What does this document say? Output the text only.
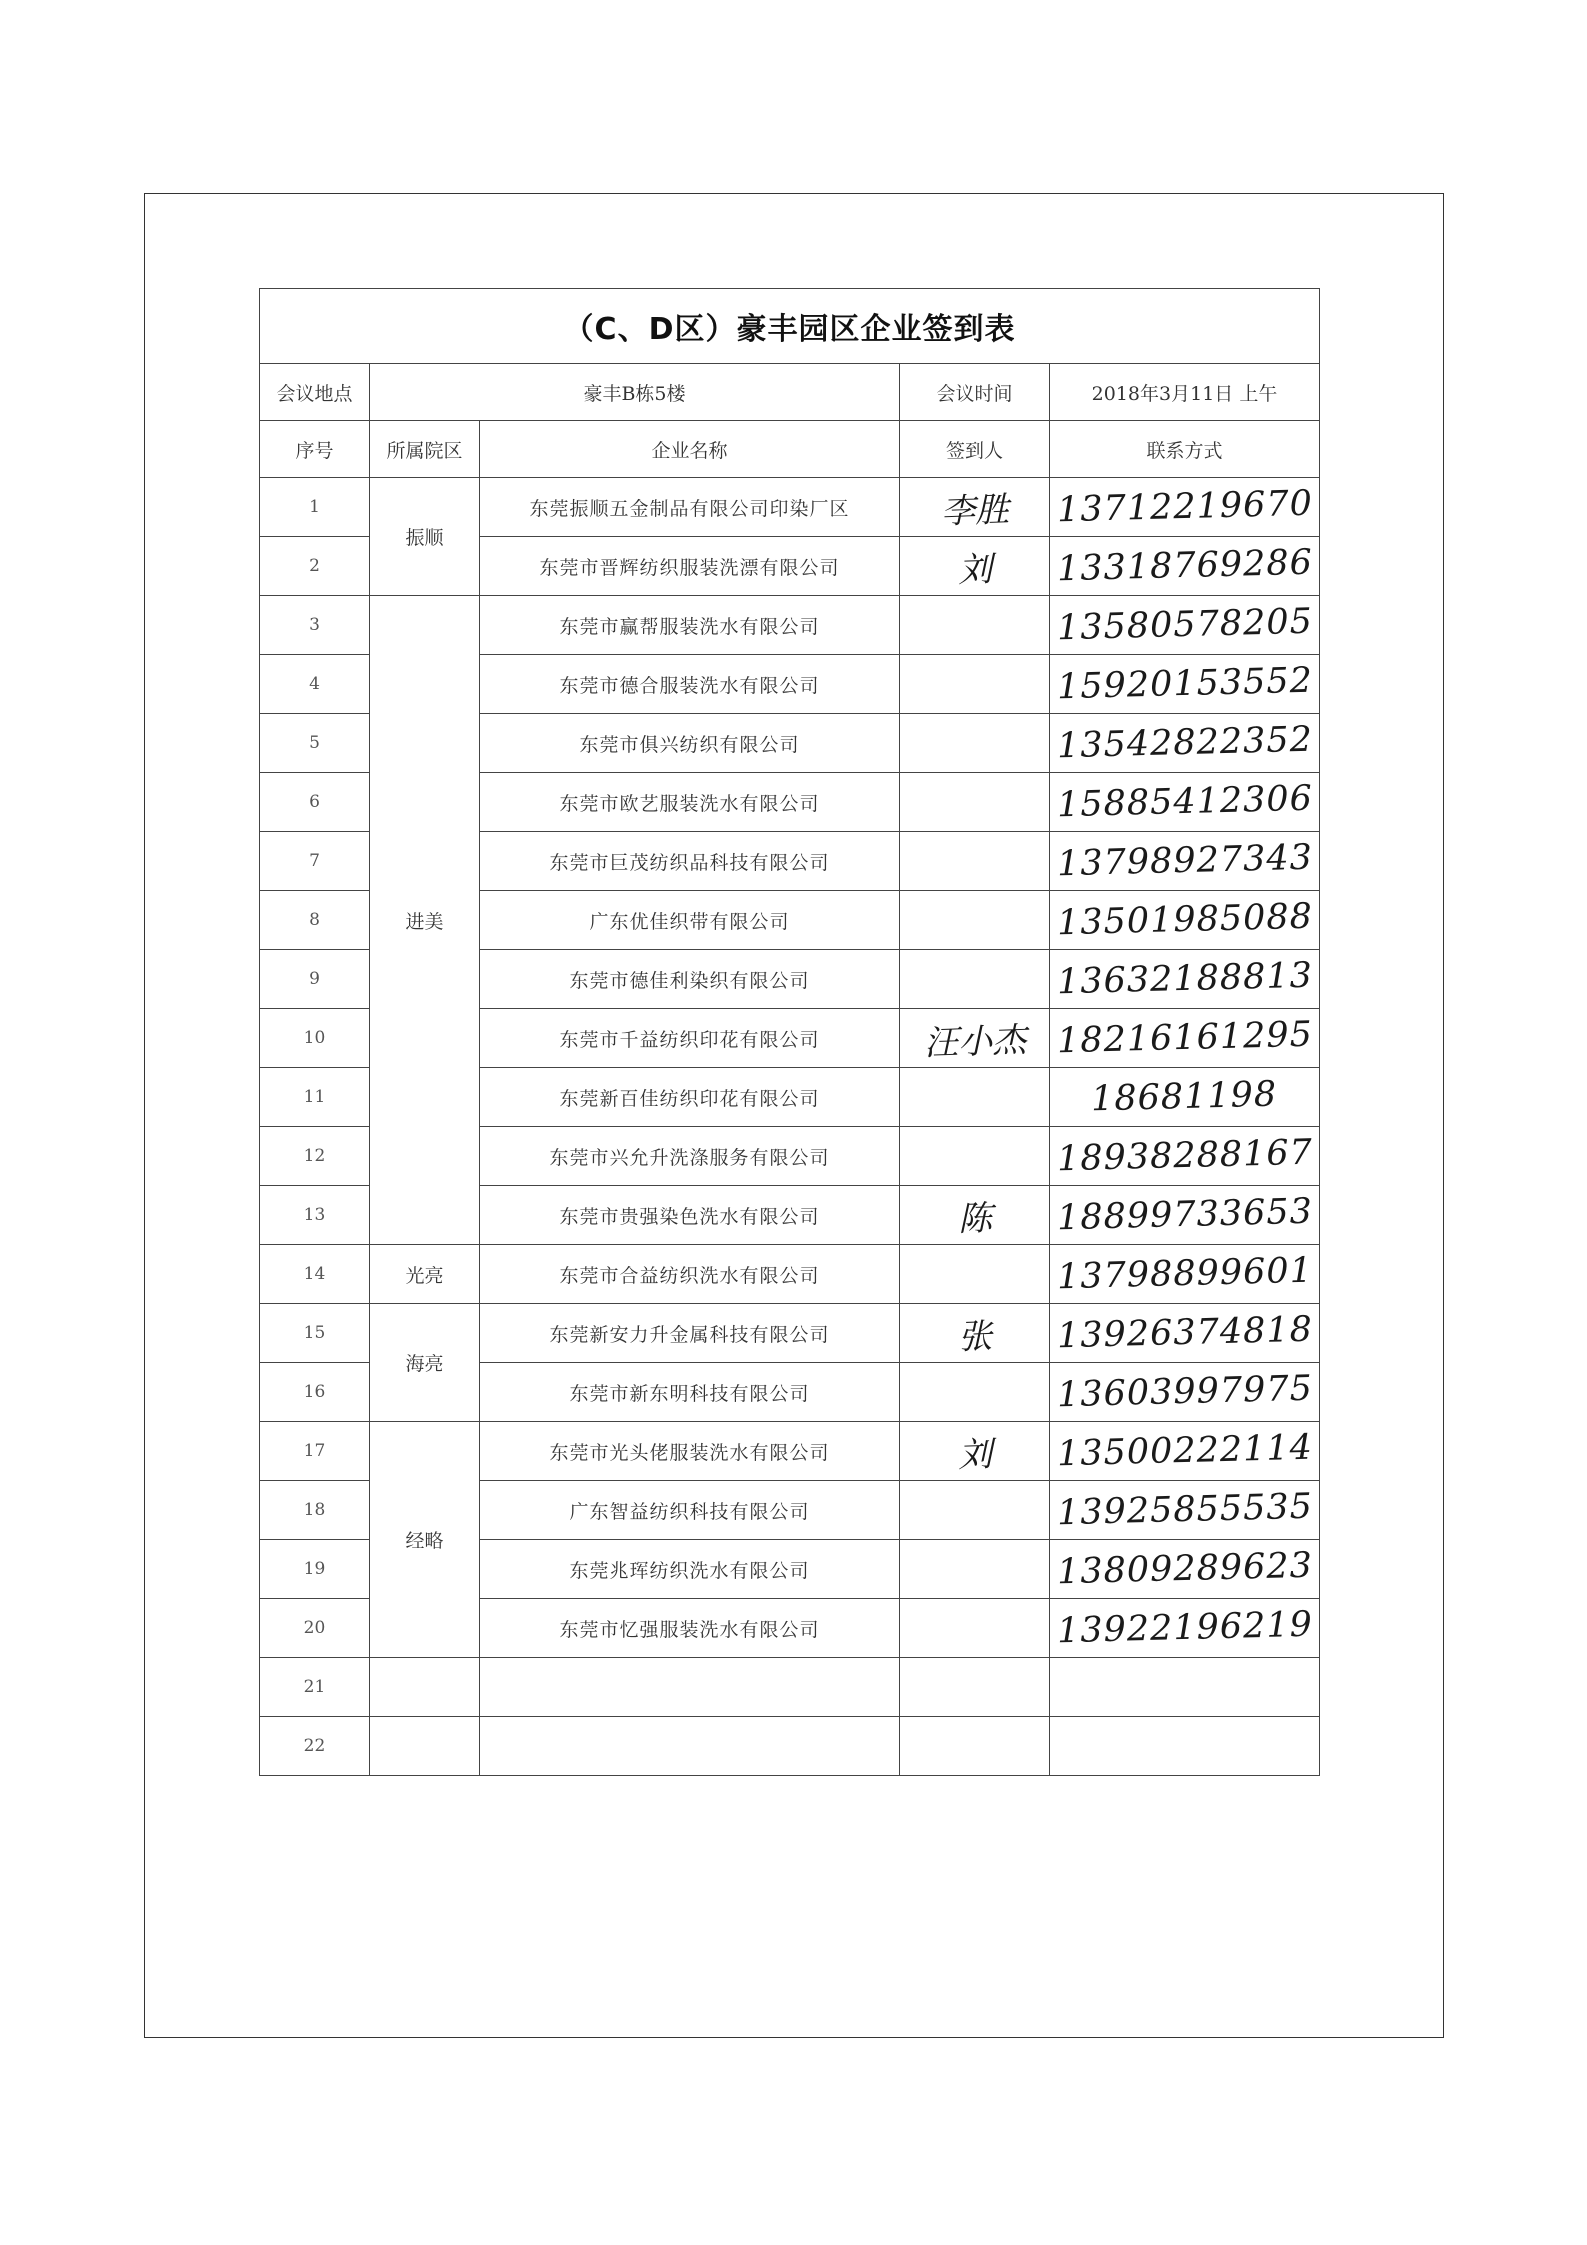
（C、D区）豪丰园区企业签到表				
会议地点	豪丰B栋5楼		会议时间	2018年3月11日 上午
序号	所属院区	企业名称	签到人	联系方式
1	振顺	东莞振顺五金制品有限公司印染厂区	李胜	13712219670
2		东莞市晋辉纺织服装洗漂有限公司	刘	13318769286
3	进美	东莞市赢帮服装洗水有限公司		13580578205
4		东莞市德合服装洗水有限公司		15920153552
5		东莞市俱兴纺织有限公司		13542822352
6		东莞市欧艺服装洗水有限公司		15885412306
7		东莞市巨茂纺织品科技有限公司		13798927343
8		广东优佳织带有限公司		13501985088
9		东莞市德佳利染织有限公司		13632188813
10		东莞市千益纺织印花有限公司	汪小杰	18216161295
11		东莞新百佳纺织印花有限公司		18681198
12		东莞市兴允升洗涤服务有限公司		18938288167
13		东莞市贵强染色洗水有限公司	陈	18899733653
14	光亮	东莞市合益纺织洗水有限公司		13798899601
15	海亮	东莞新安力升金属科技有限公司	张	13926374818
16		东莞市新东明科技有限公司		13603997975
17	经略	东莞市光头佬服装洗水有限公司	刘	13500222114
18		广东智益纺织科技有限公司		13925855535
19		东莞兆珲纺织洗水有限公司		13809289623
20		东莞市忆强服装洗水有限公司		13922196219
21				
22				
